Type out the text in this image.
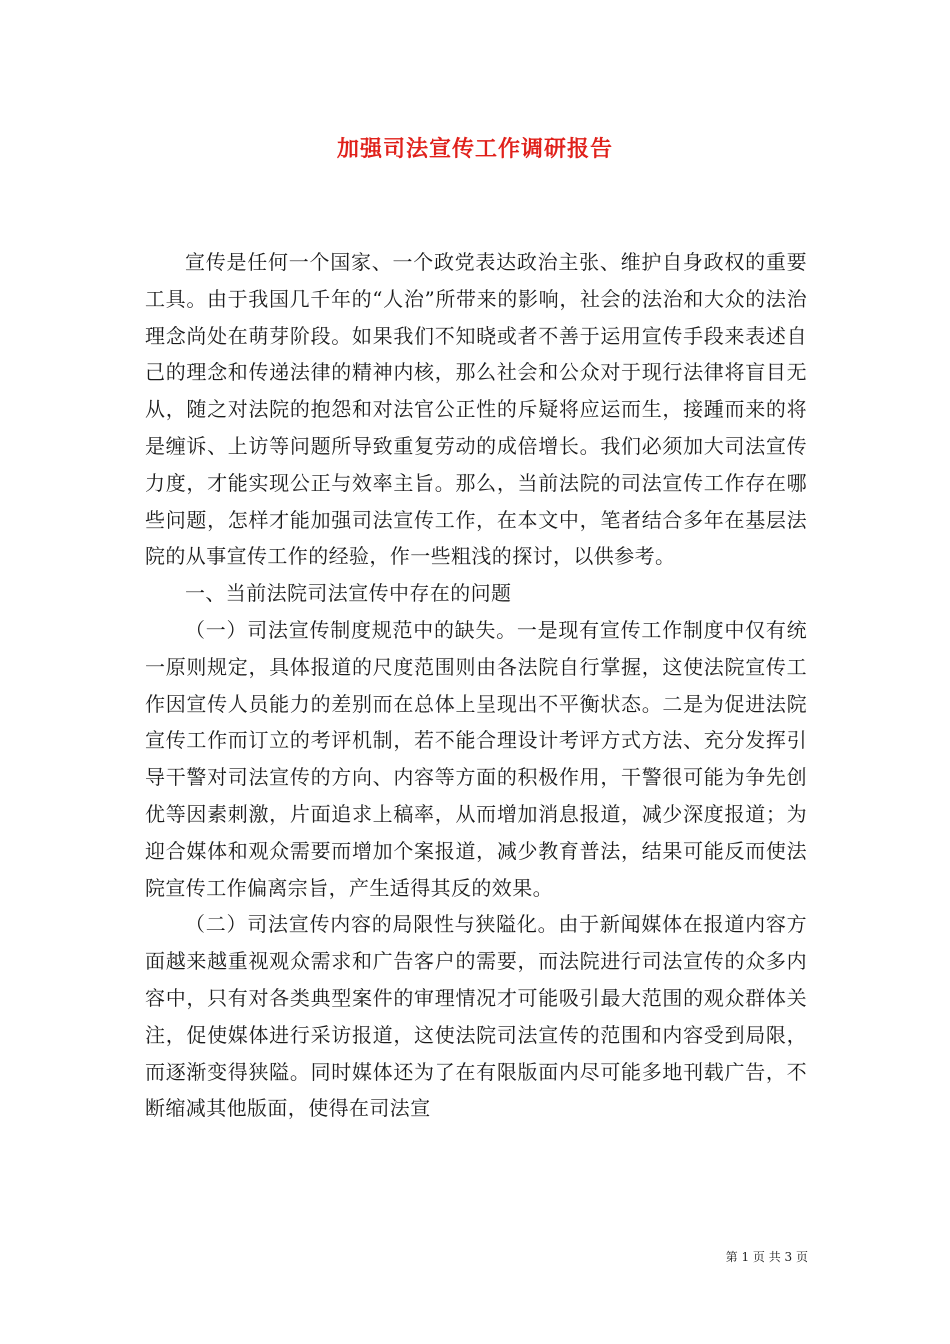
加强司法宣传工作调研报告

宣传是任何一个国家、一个政党表达政治主张、维护自身政权的重要工具。由于我国几千年的“人治”所带来的影响，社会的法治和大众的法治理念尚处在萌芽阶段。如果我们不知晓或者不善于运用宣传手段来表述自己的理念和传递法律的精神内核，那么社会和公众对于现行法律将盲目无从，随之对法院的抱怨和对法官公正性的斥疑将应运而生，接踵而来的将是缠诉、上访等问题所导致重复劳动的成倍增长。我们必须加大司法宣传力度，才能实现公正与效率主旨。那么，当前法院的司法宣传工作存在哪些问题，怎样才能加强司法宣传工作，在本文中，笔者结合多年在基层法院的从事宣传工作的经验，作一些粗浅的探讨，以供参考。

一、当前法院司法宣传中存在的问题

（一）司法宣传制度规范中的缺失。一是现有宣传工作制度中仅有统一原则规定，具体报道的尺度范围则由各法院自行掌握，这使法院宣传工作因宣传人员能力的差别而在总体上呈现出不平衡状态。二是为促进法院宣传工作而订立的考评机制，若不能合理设计考评方式方法、充分发挥引导干警对司法宣传的方向、内容等方面的积极作用，干警很可能为争先创优等因素刺激，片面追求上稿率，从而增加消息报道，减少深度报道；为迎合媒体和观众需要而增加个案报道，减少教育普法，结果可能反而使法院宣传工作偏离宗旨，产生适得其反的效果。

（二）司法宣传内容的局限性与狭隘化。由于新闻媒体在报道内容方面越来越重视观众需求和广告客户的需要，而法院进行司法宣传的众多内容中，只有对各类典型案件的审理情况才可能吸引最大范围的观众群体关注，促使媒体进行采访报道，这使法院司法宣传的范围和内容受到局限，而逐渐变得狭隘。同时媒体还为了在有限版面内尽可能多地刊载广告，不断缩减其他版面，使得在司法宣

第 1 页 共 3 页
